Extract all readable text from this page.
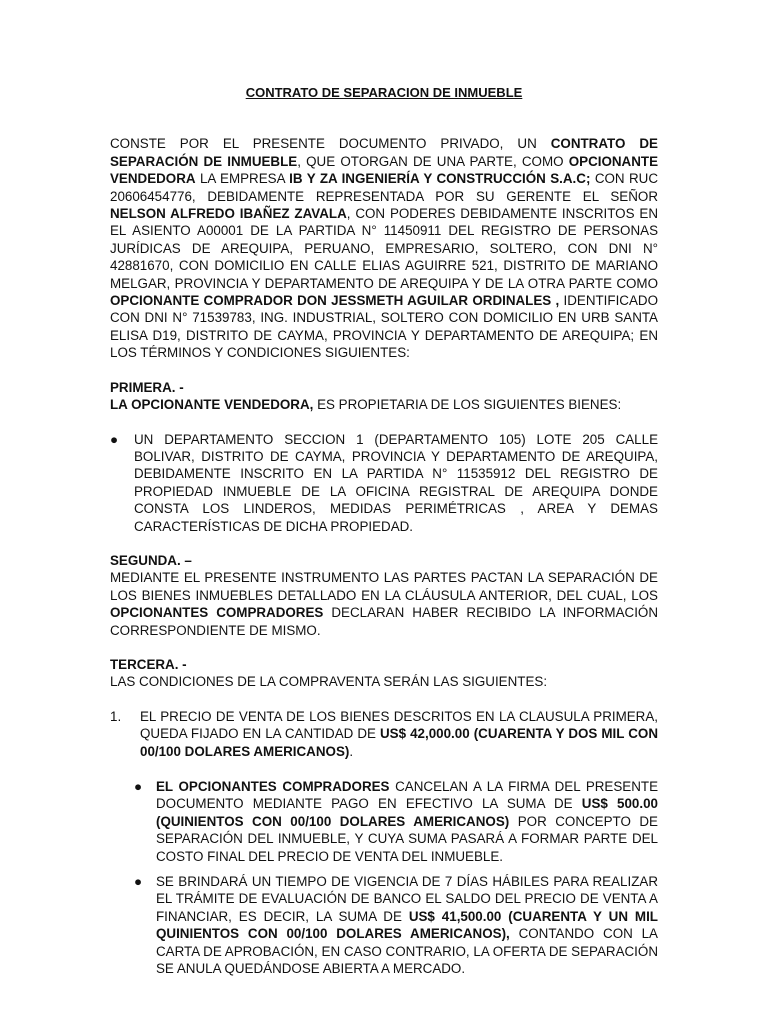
CONTRATO DE SEPARACION DE INMUEBLE

CONSTE POR EL PRESENTE DOCUMENTO PRIVADO, UN CONTRATO DE SEPARACIÓN DE INMUEBLE, QUE OTORGAN DE UNA PARTE, COMO OPCIONANTE VENDEDORA LA EMPRESA IB Y ZA INGENIERÍA Y CONSTRUCCIÓN S.A.C; CON RUC 20606454776, DEBIDAMENTE REPRESENTADA POR SU GERENTE EL SEÑOR NELSON ALFREDO IBAÑEZ ZAVALA, CON PODERES DEBIDAMENTE INSCRITOS EN EL ASIENTO A00001 DE LA PARTIDA N° 11450911 DEL REGISTRO DE PERSONAS JURÍDICAS DE AREQUIPA, PERUANO, EMPRESARIO, SOLTERO, CON DNI N° 42881670, CON DOMICILIO EN CALLE ELIAS AGUIRRE 521, DISTRITO DE MARIANO MELGAR, PROVINCIA Y DEPARTAMENTO DE AREQUIPA Y DE LA OTRA PARTE COMO OPCIONANTE COMPRADOR DON JESSMETH AGUILAR ORDINALES , IDENTIFICADO CON DNI N° 71539783, ING. INDUSTRIAL, SOLTERO CON DOMICILIO EN URB SANTA ELISA D19, DISTRITO DE CAYMA, PROVINCIA Y DEPARTAMENTO DE AREQUIPA; EN LOS TÉRMINOS Y CONDICIONES SIGUIENTES:

PRIMERA. -

LA OPCIONANTE VENDEDORA, ES PROPIETARIA DE LOS SIGUIENTES BIENES:

● UN DEPARTAMENTO SECCION 1 (DEPARTAMENTO 105) LOTE 205 CALLE BOLIVAR, DISTRITO DE CAYMA, PROVINCIA Y DEPARTAMENTO DE AREQUIPA, DEBIDAMENTE INSCRITO EN LA PARTIDA N° 11535912 DEL REGISTRO DE PROPIEDAD INMUEBLE DE LA OFICINA REGISTRAL DE AREQUIPA DONDE CONSTA LOS LINDEROS, MEDIDAS PERIMÉTRICAS , AREA Y DEMAS CARACTERÍSTICAS DE DICHA PROPIEDAD.

SEGUNDA. –

MEDIANTE EL PRESENTE INSTRUMENTO LAS PARTES PACTAN LA SEPARACIÓN DE LOS BIENES INMUEBLES DETALLADO EN LA CLÁUSULA ANTERIOR, DEL CUAL, LOS OPCIONANTES COMPRADORES DECLARAN HABER RECIBIDO LA INFORMACIÓN CORRESPONDIENTE DE MISMO.

TERCERA. -

LAS CONDICIONES DE LA COMPRAVENTA SERÁN LAS SIGUIENTES:

1. EL PRECIO DE VENTA DE LOS BIENES DESCRITOS EN LA CLAUSULA PRIMERA, QUEDA FIJADO EN LA CANTIDAD DE US$ 42,000.00 (CUARENTA Y DOS MIL CON 00/100 DOLARES AMERICANOS).
● EL OPCIONANTES COMPRADORES CANCELAN A LA FIRMA DEL PRESENTE DOCUMENTO MEDIANTE PAGO EN EFECTIVO LA SUMA DE US$ 500.00 (QUINIENTOS CON 00/100 DOLARES AMERICANOS) POR CONCEPTO DE SEPARACIÓN DEL INMUEBLE, Y CUYA SUMA PASARÁ A FORMAR PARTE DEL COSTO FINAL DEL PRECIO DE VENTA DEL INMUEBLE.
● SE BRINDARÁ UN TIEMPO DE VIGENCIA DE 7 DÍAS HÁBILES PARA REALIZAR EL TRÁMITE DE EVALUACIÓN DE BANCO EL SALDO DEL PRECIO DE VENTA A FINANCIAR, ES DECIR, LA SUMA DE US$ 41,500.00 (CUARENTA Y UN MIL QUINIENTOS CON 00/100 DOLARES AMERICANOS), CONTANDO CON LA CARTA DE APROBACIÓN, EN CASO CONTRARIO, LA OFERTA DE SEPARACIÓN SE ANULA QUEDÁNDOSE ABIERTA A MERCADO.
